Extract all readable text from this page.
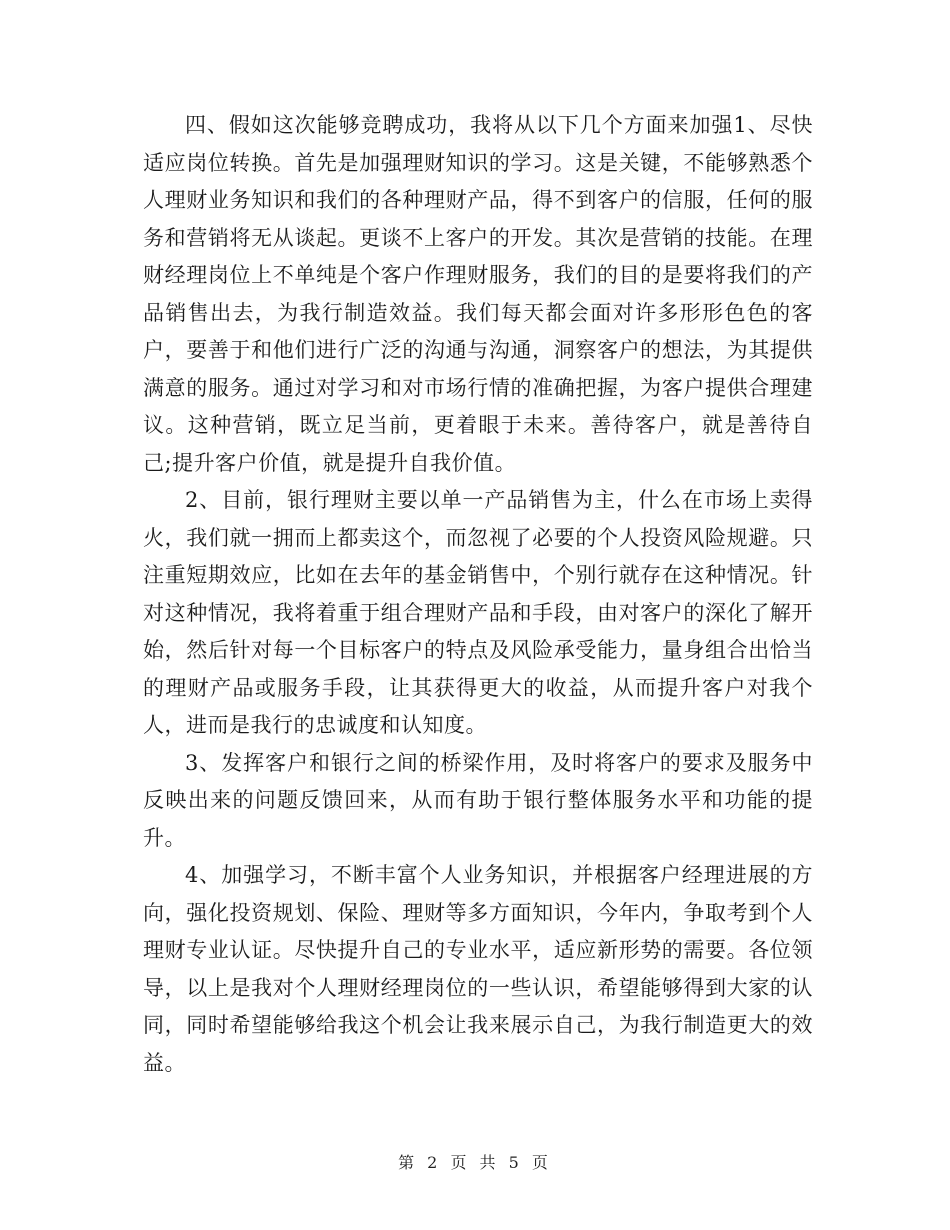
四、假如这次能够竞聘成功，我将从以下几个方面来加强1、尽快适应岗位转换。首先是加强理财知识的学习。这是关键，不能够熟悉个人理财业务知识和我们的各种理财产品，得不到客户的信服，任何的服务和营销将无从谈起。更谈不上客户的开发。其次是营销的技能。在理财经理岗位上不单纯是个客户作理财服务，我们的目的是要将我们的产品销售出去，为我行制造效益。我们每天都会面对许多形形色色的客户，要善于和他们进行广泛的沟通与沟通，洞察客户的想法，为其提供满意的服务。通过对学习和对市场行情的准确把握，为客户提供合理建议。这种营销，既立足当前，更着眼于未来。善待客户，就是善待自己;提升客户价值，就是提升自我价值。

2、目前，银行理财主要以单一产品销售为主，什么在市场上卖得火，我们就一拥而上都卖这个，而忽视了必要的个人投资风险规避。只注重短期效应，比如在去年的基金销售中，个别行就存在这种情况。针对这种情况，我将着重于组合理财产品和手段，由对客户的深化了解开始，然后针对每一个目标客户的特点及风险承受能力，量身组合出恰当的理财产品或服务手段，让其获得更大的收益，从而提升客户对我个人，进而是我行的忠诚度和认知度。

3、发挥客户和银行之间的桥梁作用，及时将客户的要求及服务中反映出来的问题反馈回来，从而有助于银行整体服务水平和功能的提升。

4、加强学习，不断丰富个人业务知识，并根据客户经理进展的方向，强化投资规划、保险、理财等多方面知识，今年内，争取考到个人理财专业认证。尽快提升自己的专业水平，适应新形势的需要。各位领导，以上是我对个人理财经理岗位的一些认识，希望能够得到大家的认同，同时希望能够给我这个机会让我来展示自己，为我行制造更大的效益。

第 2 页 共 5 页
